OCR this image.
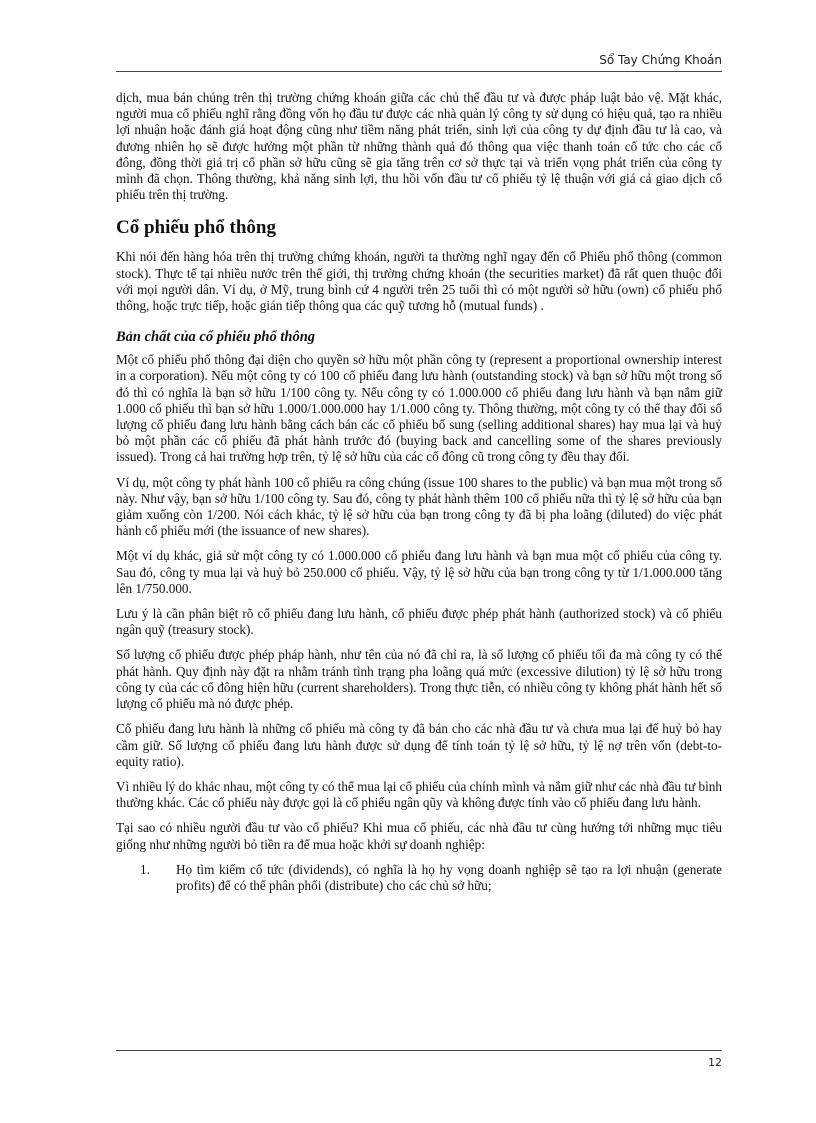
Sổ Tay Chứng Khoán

dịch, mua bán chúng trên thị trường chứng khoán giữa các chủ thể đầu tư và được pháp luật bảo vệ. Mặt khác, người mua cổ phiếu nghĩ rằng đồng vốn họ đầu tư được các nhà quản lý công ty sử dụng có hiệu quả, tạo ra nhiều lợi nhuận hoặc đánh giá hoạt động cũng như tiềm năng phát triển, sinh lợi của công ty dự định đầu tư là cao, và đương nhiên họ sẽ được hưởng một phần từ những thành quả đó thông qua việc thanh toán cổ tức cho các cổ đông, đồng thời giá trị cổ phần sở hữu cũng sẽ gia tăng trên cơ sở thực tại và triển vọng phát triển của công ty mình đã chọn. Thông thường, khả năng sinh lợi, thu hồi vốn đầu tư cổ phiếu tỷ lệ thuận với giá cả giao dịch cổ phiếu trên thị trường.

Cổ phiếu phổ thông

Khi nói đến hàng hóa trên thị trường chứng khoán, người ta thường nghĩ ngay đến cổ Phiếu phổ thông (common stock). Thực tế tại nhiều nước trên thế giới, thị trường chứng khoán (the securities market) đã rất quen thuộc đối với mọi người dân. Ví dụ, ở Mỹ, trung bình cứ 4 người trên 25 tuổi thì có một người sở hữu (own) cổ phiếu phổ thông, hoặc trực tiếp, hoặc gián tiếp thông qua các quỹ tương hỗ (mutual funds) .

Bản chất của cổ phiếu phổ thông

Một cổ phiếu phổ thông đại diện cho quyền sở hữu một phần công ty (represent a proportional ownership interest in a corporation). Nếu một công ty có 100 cổ phiếu đang lưu hành (outstanding stock) và bạn sở hữu một trong số đó thì có nghĩa là bạn sở hữu 1/100 công ty. Nếu công ty có 1.000.000 cổ phiếu đang lưu hành và bạn nắm giữ 1.000 cổ phiếu thì bạn sở hữu 1.000/1.000.000 hay 1/1.000 công ty. Thông thường, một công ty có thể thay đổi số lượng cổ phiếu đang lưu hành bằng cách bán các cổ phiếu bổ sung (selling additional shares) hay mua lại và huỷ bỏ một phần các cổ phiếu đã phát hành trước đó (buying back and cancelling some of the shares previously issued). Trong cả hai trường hợp trên, tỷ lệ sở hữu của các cổ đông cũ trong công ty đều thay đổi.

Ví dụ, một công ty phát hành 100 cổ phiếu ra công chúng (issue 100 shares to the public) và bạn mua một trong số này. Như vậy, bạn sở hữu 1/100 công ty. Sau đó, công ty phát hành thêm 100 cổ phiếu nữa thì tỷ lệ sở hữu của bạn giảm xuống còn 1/200. Nói cách khác, tỷ lệ sở hữu của bạn trong công ty đã bị pha loãng (diluted) do việc phát hành cổ phiếu mới (the issuance of new shares).

Một ví dụ khác, giả sử một công ty có 1.000.000 cổ phiếu đang lưu hành và bạn mua một cổ phiếu của công ty. Sau đó, công ty mua lại và huỷ bỏ 250.000 cổ phiếu. Vậy, tỷ lệ sở hữu của bạn trong công ty từ 1/1.000.000 tăng lên 1/750.000.

Lưu ý là cần phân biệt rõ cổ phiếu đang lưu hành, cổ phiếu được phép phát hành (authorized stock) và cổ phiếu ngân quỹ (treasury stock).

Số lượng cổ phiếu được phép pháp hành, như tên của nó đã chỉ ra, là số lượng cổ phiếu tối đa mà công ty có thể phát hành. Quy định này đặt ra nhằm tránh tình trạng pha loãng quá mức (excessive dilution) tỷ lệ sở hữu trong công ty của các cổ đông hiện hữu (current shareholders). Trong thực tiễn, có nhiều công ty không phát hành hết số lượng cổ phiếu mà nó được phép.

Cổ phiếu đang lưu hành là những cổ phiếu mà công ty đã bán cho các nhà đầu tư và chưa mua lại để huỷ bỏ hay cầm giữ. Số lượng cổ phiếu đang lưu hành được sử dụng để tính toán tỷ lệ sở hữu, tỷ lệ nợ trên vốn (debt-to-equity ratio).

Vì nhiều lý do khác nhau, một công ty có thể mua lại cổ phiếu của chính mình và nắm giữ như các nhà đầu tư bình thường khác. Các cổ phiếu này được gọi là cổ phiếu ngân qũy và không được tính vào cổ phiếu đang lưu hành.

Tại sao có nhiều người đầu tư vào cổ phiếu? Khi mua cổ phiếu, các nhà đầu tư cùng hướng tới những mục tiêu giống như những người bỏ tiền ra để mua hoặc khởi sự doanh nghiệp:

1. Họ tìm kiếm cổ tức (dividends), có nghĩa là họ hy vọng doanh nghiệp sẽ tạo ra lợi nhuận (generate profits) để có thể phân phối (distribute) cho các chủ sở hữu;
12
